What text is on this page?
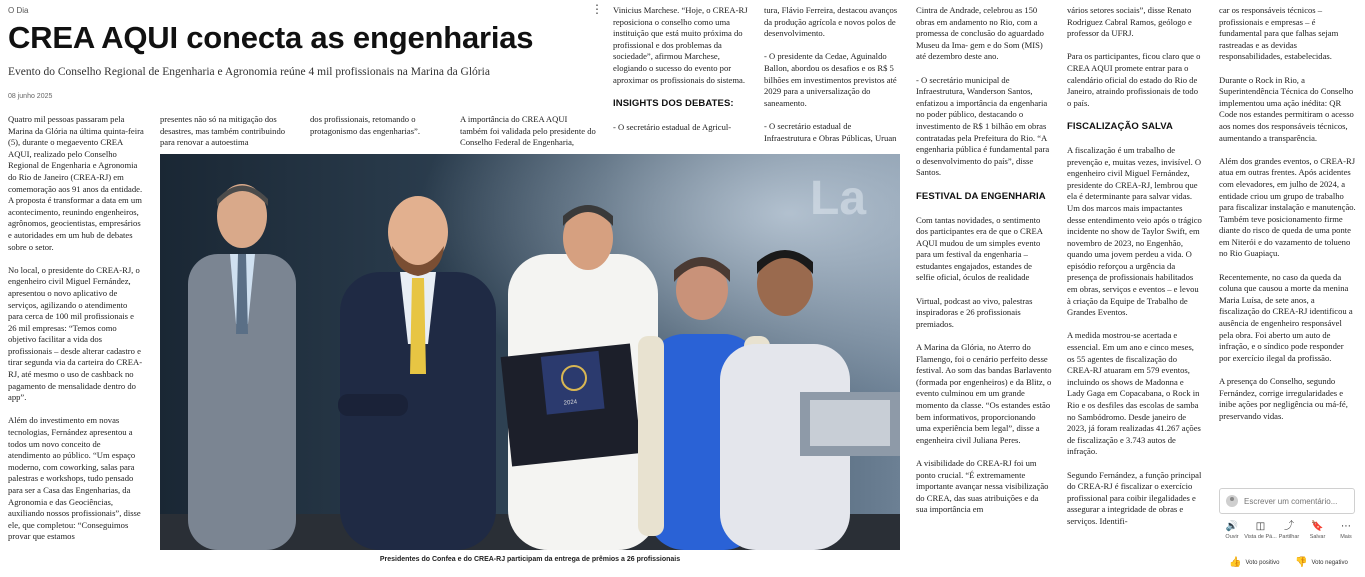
O Dia	⋮
CREA AQUI conecta as engenharias
Evento do Conselho Regional de Engenharia e Agronomia reúne 4 mil profissionais na Marina da Glória
08 junho 2025

Quatro mil pessoas passaram pela Marina da Glória na última quinta-feira (5), durante o megaevento CREA AQUI, realizado pelo Conselho Regional de Engenharia e Agronomia do Rio de Janeiro (CREA-RJ) em comemoração aos 91 anos da entidade. A proposta é transformar a data em um acontecimento, reunindo engenheiros, agrônomos, geocientistas, empresários e autoridades em um hub de debates sobre o setor.

No local, o presidente do CREA-RJ, o engenheiro civil Miguel Fernández, apresentou o novo aplicativo de serviços, agilizando o atendimento para cerca de 100 mil profissionais e 26 mil empresas: “Temos como objetivo facilitar a vida dos profissionais – desde alterar cadastro e tirar segunda via da carteira do CREA-RJ, até mesmo o uso de cashback no pagamento de mensalidade dentro do app”.

Além do investimento em novas tecnologias, Fernández apresentou a todos um novo conceito de atendimento ao público. “Um espaço moderno, com coworking, salas para palestras e workshops, tudo pensado para ser a Casa das Engenharias, da Agronomia e das Geociências, auxiliando nossos profissionais”, disse ele, que completou: “Conseguimos provar que estamos

presentes não só na mitigação dos desastres, mas também contribuindo para renovar a autoestima

dos profissionais, retomando o protagonismo das engenharias”.

A importância do CREA AQUI também foi validada pelo presidente do Conselho Federal de Engenharia,

Vinicius Marchese. “Hoje, o CREA-RJ reposiciona o conselho como uma instituição que está muito próxima do profissional e dos problemas da sociedade”, afirmou Marchese, elogiando o sucesso do evento por aproximar os profissionais do sistema.

INSIGHTS DOS DEBATES:

- O secretário estadual de Agricul-

tura, Flávio Ferreira, destacou avanços da produção agrícola e novos polos de desenvolvimento.

- O presidente da Cedae, Aguinaldo Ballon, abordou os desafios e os R$ 5 bilhões em investimentos previstos até 2029 para a universalização do saneamento.

- O secretário estadual de Infraestrutura e Obras Públicas, Uruan

Cintra de Andrade, celebrou as 150 obras em andamento no Rio, com a promessa de conclusão do aguardado Museu da Ima- gem e do Som (MIS) até dezembro deste ano.

- O secretário municipal de Infraestrutura, Wanderson Santos, enfatizou a importância da engenharia no poder público, destacando o investimento de R$ 1 bilhão em obras contratadas pela Prefeitura do Rio. “A engenharia pública é fundamental para o desenvolvimento do país”, disse Santos.

FESTIVAL DA ENGENHARIA

Com tantas novidades, o sentimento dos participantes era de que o CREA AQUI mudou de um simples evento para um festival da engenharia – estudantes engajados, estandes de selfie oficial, óculos de realidade

Virtual, podcast ao vivo, palestras inspiradoras e 26 profissionais premiados.

A Marina da Glória, no Aterro do Flamengo, foi o cenário perfeito desse festival. Ao som das bandas Barlavento (formada por engenheiros) e da Blitz, o evento culminou em um grande momento da classe. “Os estandes estão bem informativos, proporcionando uma experiência bem legal”, disse a engenheira civil Juliana Peres.

A visibilidade do CREA-RJ foi um ponto crucial. “É extremamente importante avançar nessa visibilização do CREA, das suas atribuições e da sua importância em

vários setores sociais”, disse Renato Rodriguez Cabral Ramos, geólogo e professor da UFRJ.

Para os participantes, ficou claro que o CREA AQUI promete entrar para o calendário oficial do estado do Rio de Janeiro, atraindo profissionais de todo o país.

FISCALIZAÇÃO SALVA

A fiscalização é um trabalho de prevenção e, muitas vezes, invisível. O engenheiro civil Miguel Fernández, presidente do CREA-RJ, lembrou que ela é determinante para salvar vidas. Um dos marcos mais impactantes desse entendimento veio após o trágico incidente no show de Taylor Swift, em novembro de 2023, no Engenhão, quando uma jovem perdeu a vida. O episódio reforçou a urgência da presença de profissionais habilitados em obras, serviços e eventos – e levou à criação da Equipe de Trabalho de Grandes Eventos.

A medida mostrou-se acertada e essencial. Em um ano e cinco meses, os 55 agentes de fiscalização do CREA-RJ atuaram em 579 eventos, incluindo os shows de Madonna e Lady Gaga em Copacabana, o Rock in Rio e os desfiles das escolas de samba no Sambódromo. Desde janeiro de 2023, já foram realizadas 41.267 ações de fiscalização e 3.743 autos de infração.

Segundo Fernández, a função principal do CREA-RJ é fiscalizar o exercício profissional para coibir ilegalidades e assegurar a integridade de obras e serviços. Identifi-

car os responsáveis técnicos – profissionais e empresas – é fundamental para que falhas sejam rastreadas e as devidas responsabilidades, estabelecidas.

Durante o Rock in Rio, a Superintendência Técnica do Conselho implementou uma ação inédita: QR Code nos estandes permitiram o acesso aos nomes dos responsáveis técnicos, aumentando a transparência.

Além dos grandes eventos, o CREA-RJ atua em outras frentes. Após acidentes com elevadores, em julho de 2024, a entidade criou um grupo de trabalho para fiscalizar instalação e manutenção. Também teve posicionamento firme diante do risco de queda de uma ponte em Niterói e do vazamento de tolueno no Rio Guapiaçu.

Recentemente, no caso da queda da coluna que causou a morte da menina Maria Luísa, de sete anos, a fiscalização do CREA-RJ identificou a ausência de engenheiro responsável pela obra. Foi aberto um auto de infração, e o síndico pode responder por exercício ilegal da profissão.

A presença do Conselho, segundo Fernández, corrige irregularidades e inibe ações por negligência ou má-fé, preservando vidas.

La
2024
Presidentes do Confea e do CREA-RJ participam da entrega de prêmios a 26 profissionais
Escrever um comentário...
🔊
Ouvir
◫
Vista de Pá...
⤴
Partilhar
🔖
Salvar
⋯
Mais
👍 Voto positivo 👎 Voto negativo
